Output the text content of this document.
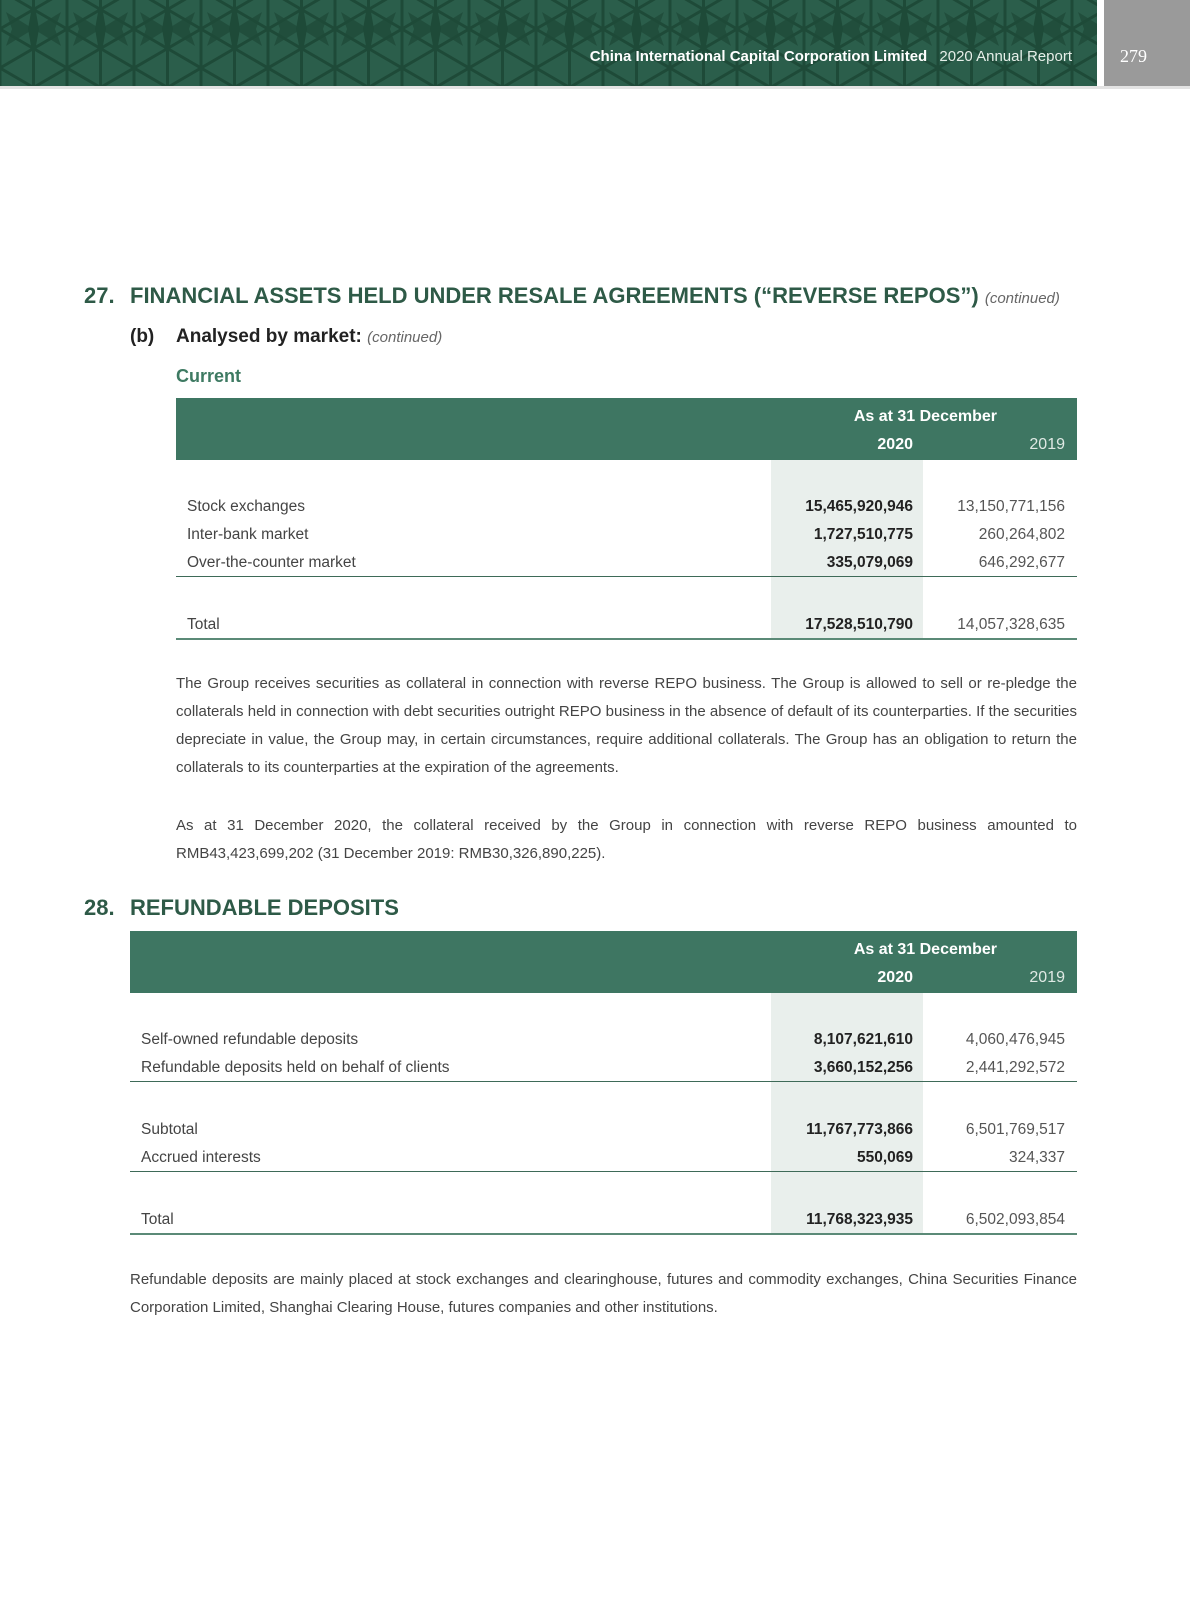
China International Capital Corporation Limited 2020 Annual Report	279
27. FINANCIAL ASSETS HELD UNDER RESALE AGREEMENTS (“REVERSE REPOS”) (continued)
(b) Analysed by market: (continued)
Current
As at 31 December
2020	2019
Stock exchanges	15,465,920,946	13,150,771,156
Inter-bank market	1,727,510,775	260,264,802
Over-the-counter market	335,079,069	646,292,677
Total	17,528,510,790	14,057,328,635
The Group receives securities as collateral in connection with reverse REPO business. The Group is allowed to sell or re-pledge the collaterals held in connection with debt securities outright REPO business in the absence of default of its counterparties. If the securities depreciate in value, the Group may, in certain circumstances, require additional collaterals. The Group has an obligation to return the collaterals to its counterparties at the expiration of the agreements.
As at 31 December 2020, the collateral received by the Group in connection with reverse REPO business amounted to RMB43,423,699,202 (31 December 2019: RMB30,326,890,225).
28. REFUNDABLE DEPOSITS
As at 31 December
2020	2019
Self-owned refundable deposits	8,107,621,610	4,060,476,945
Refundable deposits held on behalf of clients	3,660,152,256	2,441,292,572
Subtotal	11,767,773,866	6,501,769,517
Accrued interests	550,069	324,337
Total	11,768,323,935	6,502,093,854
Refundable deposits are mainly placed at stock exchanges and clearinghouse, futures and commodity exchanges, China Securities Finance Corporation Limited, Shanghai Clearing House, futures companies and other institutions.
